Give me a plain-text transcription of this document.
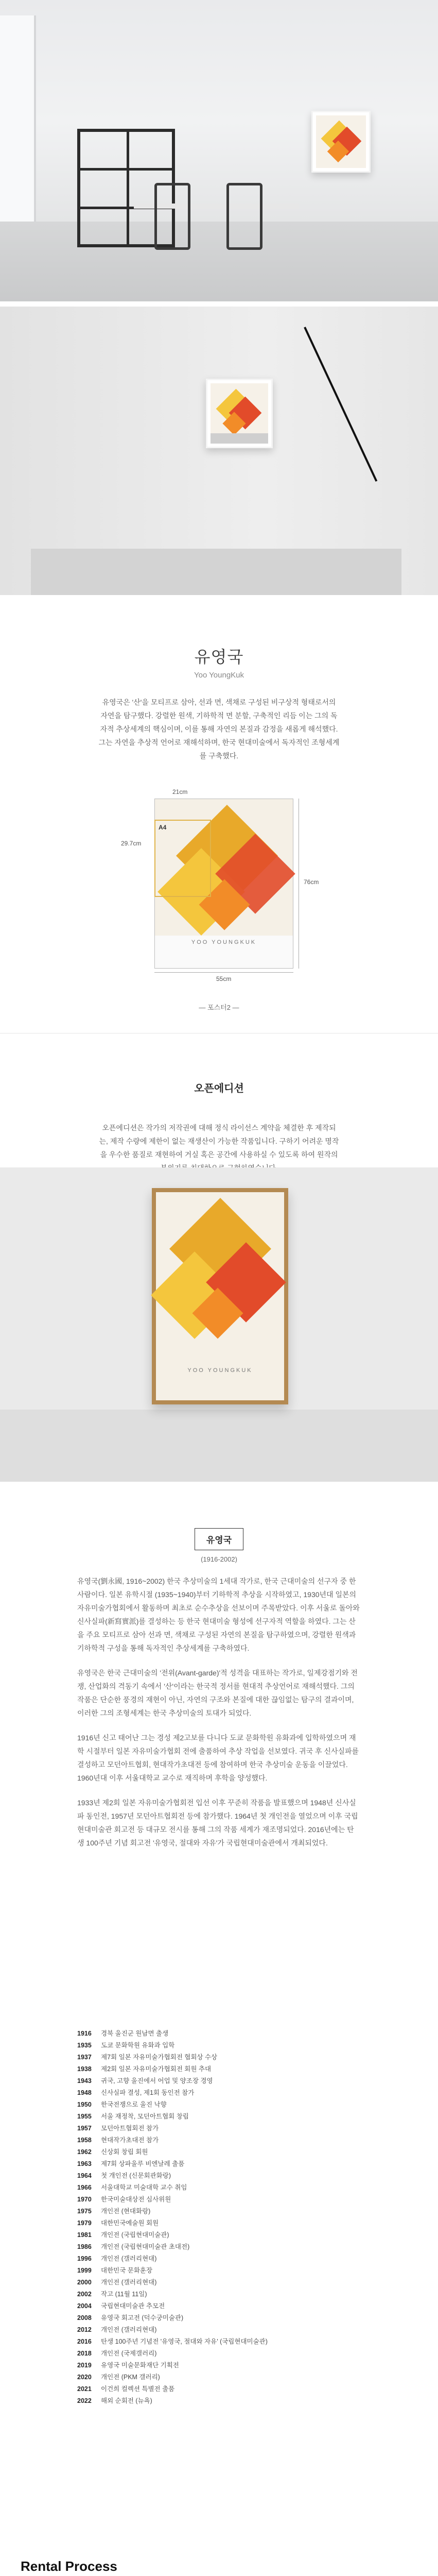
유영국
Yoo YoungKuk

유영국은 '산'을 모티프로 삼아, 선과 면, 색채로 구성된 비구상적 형태로서의 자연을 탐구했다. 강렬한 원색, 기하학적 면 분할, 구축적인 리듬 이는 그의 독자적 추상세계의 핵심이며, 이를 통해 자연의 본질과 감정을 새롭게 해석했다. 그는 자연을 추상적 언어로 재해석하며, 한국 현대미술에서 독자적인 조형세계를 구축했다.

YOO YOUNGKUK
A4
29.7cm
76cm
21cm
55cm
— 포스터2 —
오픈에디션

오픈에디션은 작가의 저작권에 대해 정식 라이선스 계약을 체결한 후 제작되는, 제작 수량에 제한이 없는 재생산이 가능한 작품입니다. 구하기 어려운 명작을 우수한 품질로 재현하여 거실 혹은 공간에 사용하실 수 있도록 하여 원작의

YOO YOUNGKUK
유영국
(1916-2002)

유영국(劉永國, 1916~2002) 한국 추상미술의 1세대 작가로, 한국 근대미술의 선구자 중 한 사람이다. 일본 유학시절 (1935~1940)부터 기하학적 추상을 시작하였고, 1930년대 일본의 자유미술가협회에서 활동하며 최초로 순수추상을 선보이며 주목받았다. 이후 서울로 돌아와 신사실파(新寫實派)를 결성하는 등 한국 현대미술 형성에 선구자적 역할을 하였다. 그는 산을 주요 모티프로 삼아 선과 면, 색채로 구성된 자연의 본질을 탐구하였으며, 강렬한 원색과 기하학적 구성을 통해 독자적인 추상세계를 구축하였다.

유영국은 한국 근대미술의 '전위(Avant-garde)'적 성격을 대표하는 작가로, 일제강점기와 전쟁, 산업화의 격동기 속에서 '산'이라는 한국적 정서를 현대적 추상언어로 재해석했다. 그의 작품은 단순한 풍경의 재현이 아닌, 자연의 구조와 본질에 대한 끊임없는 탐구의 결과이며, 이러한 그의 조형세계는 한국 추상미술의 토대가 되었다.

1916년 신고 태어난 그는 경성 제2고보를 다니다 도쿄 문화학원 유화과에 입학하였으며 재학 시절부터 일본 자유미술가협회 전에 출품하여 추상 작업을 선보였다. 귀국 후 신사실파를 결성하고 모던아트협회, 현대작가초대전 등에 참여하며 한국 추상미술 운동을 이끌었다. 1960년대 이후 서울대학교 교수로 재직하며 후학을 양성했다.

1933년 제2회 일본 자유미술가협회전 입선 이후 꾸준히 작품을 발표했으며 1948년 신사실파 동인전, 1957년 모던아트협회전 등에 참가했다. 1964년 첫 개인전을 열었으며 이후 국립현대미술관 회고전 등 대규모 전시를 통해 그의 작품 세계가 재조명되었다. 2016년에는 탄생 100주년 기념 회고전 '유영국, 절대와 자유'가 국립현대미술관에서 개최되었다.

1916	경북 울진군 원남면 출생
1935	도쿄 문화학원 유화과 입학
1937	제7회 일본 자유미술가협회전 협회상 수상
1938	제2회 일본 자유미술가협회전 회원 추대
1943	귀국, 고향 울진에서 어업 및 양조장 경영
1948	신사실파 결성, 제1회 동인전 참가
1950	한국전쟁으로 울진 낙향
1955	서울 재정착, 모던아트협회 창립
1957	모던아트협회전 참가
1958	현대작가초대전 참가
1962	신상회 창립 회원
1963	제7회 상파울루 비엔날레 출품
1964	첫 개인전 (신문회관화랑)
1966	서울대학교 미술대학 교수 취임
1970	한국미술대상전 심사위원
1975	개인전 (현대화랑)
1979	대한민국예술원 회원
1981	개인전 (국립현대미술관)
1986	개인전 (국립현대미술관 초대전)
1996	개인전 (갤러리현대)
1999	대한민국 문화훈장
2000	개인전 (갤러리현대)
2002	작고 (11월 11일)
2004	국립현대미술관 추모전
2008	유영국 회고전 (덕수궁미술관)
2012	개인전 (갤러리현대)
2016	탄생 100주년 기념전 '유영국, 절대와 자유' (국립현대미술관)
2018	개인전 (국제갤러리)
2019	유영국 미술문화재단 기획전
2020	개인전 (PKM 갤러리)
2021	이건희 컬렉션 특별전 출품
2022	해외 순회전 (뉴욕)
Rental Process
